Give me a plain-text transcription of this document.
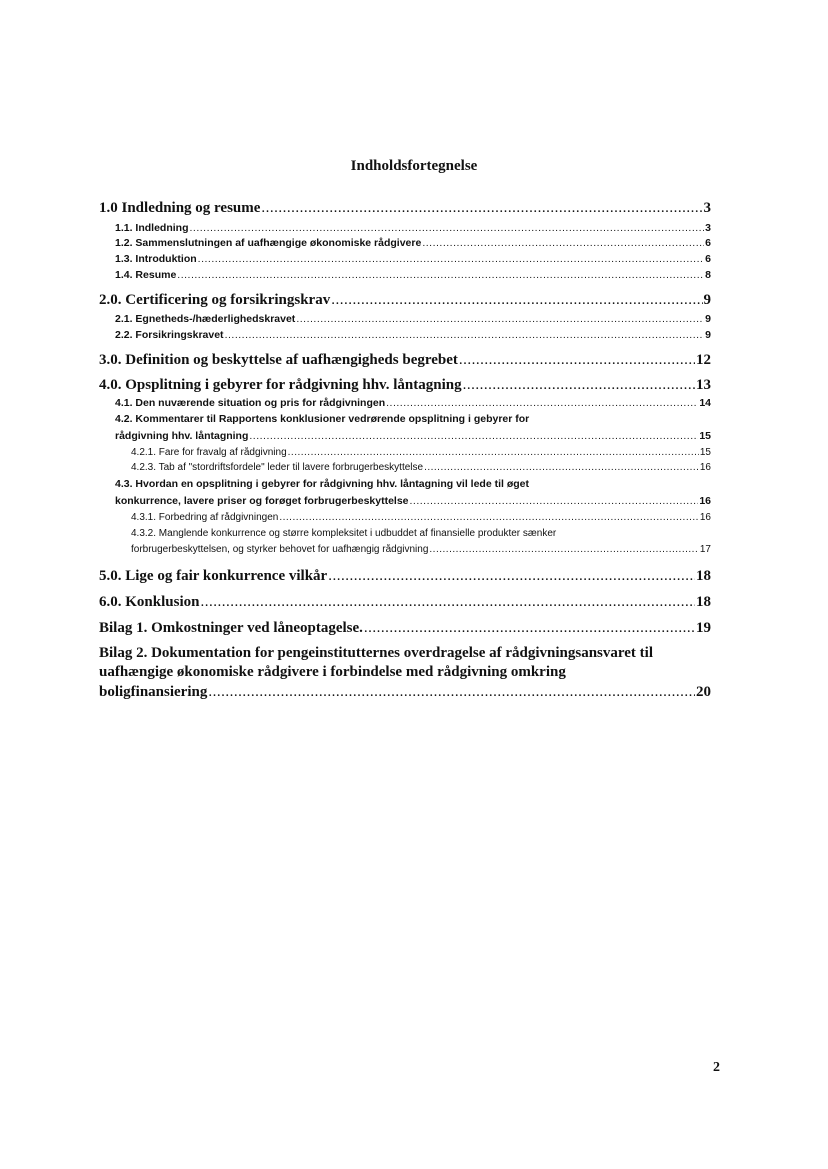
Indholdsfortegnelse
1.0 Indledning og resume .....	3
1.1. Indledning .....	3
1.2. Sammenslutningen af uafhængige økonomiske rådgivere .....	6
1.3. Introduktion .....	6
1.4. Resume .....	8
2.0. Certificering og forsikringskrav .....	9
2.1. Egnetheds-/hæderlighedskravet .....	9
2.2. Forsikringskravet .....	9
3.0. Definition og beskyttelse af uafhængigheds begrebet .....	12
4.0. Opsplitning i gebyrer for rådgivning hhv. låntagning .....	13
4.1. Den nuværende situation og pris for rådgivningen .....	14
4.2. Kommentarer til Rapportens konklusioner vedrørende opsplitning i gebyrer for
rådgivning hhv. låntagning .....	15
4.2.1. Fare for fravalg af rådgivning .....	15
4.2.3. Tab af "stordriftsfordele" leder til lavere forbrugerbeskyttelse .....	16
4.3. Hvordan en opsplitning i gebyrer for rådgivning hhv. låntagning vil lede til øget
konkurrence, lavere priser og forøget forbrugerbeskyttelse .....	16
4.3.1. Forbedring af rådgivningen .....	16
4.3.2. Manglende konkurrence og større kompleksitet i udbuddet af finansielle produkter sænker
forbrugerbeskyttelsen, og styrker behovet for uafhængig rådgivning .....	17
5.0. Lige og fair konkurrence vilkår .....	18
6.0. Konklusion .....	18
Bilag 1. Omkostninger ved låneoptagelse. .....	19
Bilag 2. Dokumentation for pengeinstitutternes overdragelse af rådgivningsansvaret til
uafhængige økonomiske rådgivere i forbindelse med rådgivning omkring
boligfinansiering .....	20
2
